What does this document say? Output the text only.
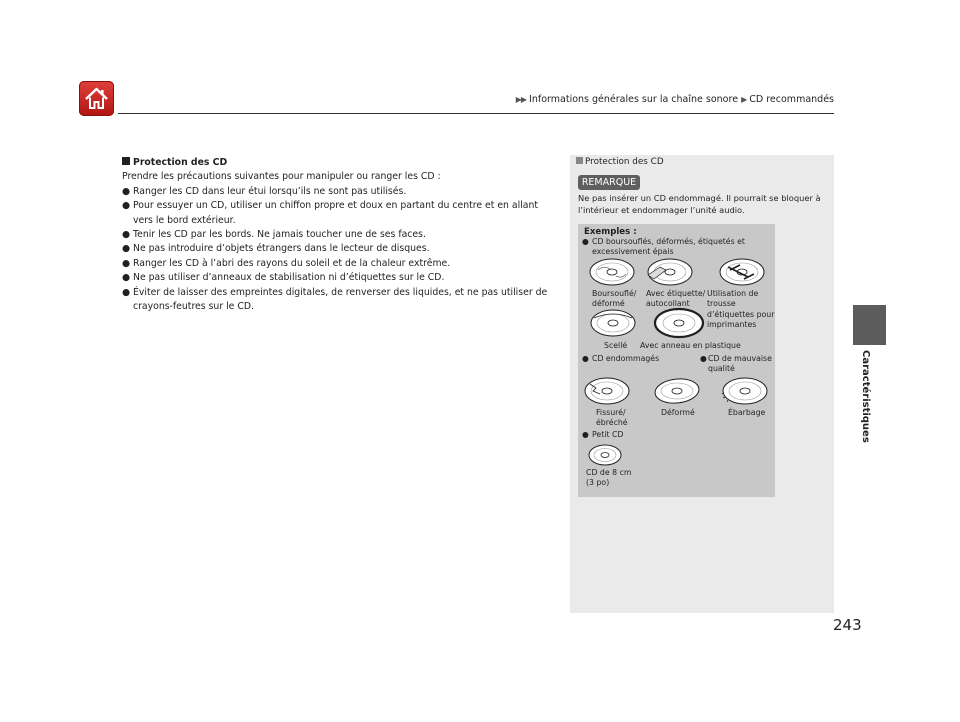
▶▶ Informations générales sur la chaîne sonore ▶ CD recommandés
Caractéristiques
Protection des CD
Prendre les précautions suivantes pour manipuler ou ranger les CD :
● Ranger les CD dans leur étui lorsqu’ils ne sont pas utilisés.
● Pour essuyer un CD, utiliser un chiffon propre et doux en partant du centre et en allant vers le bord extérieur.
● Tenir les CD par les bords. Ne jamais toucher une de ses faces.
● Ne pas introduire d’objets étrangers dans le lecteur de disques.
● Ranger les CD à l’abri des rayons du soleil et de la chaleur extrême.
● Ne pas utiliser d’anneaux de stabilisation ni d’étiquettes sur le CD.
● Éviter de laisser des empreintes digitales, de renverser des liquides, et ne pas utiliser de crayons-feutres sur le CD.
Protection des CD
REMARQUE
Ne pas insérer un CD endommagé. Il pourrait se bloquer à l’intérieur et endommager l’unité audio.
Exemples :
● CD boursouflés, déformés, étiquetés et excessivement épais
Boursouflé/
déformé
Avec étiquette/
autocollant
Utilisation de
trousse
d’étiquettes pour
imprimantes
Scellé Avec anneau en plastique
● CD endommagés	● CD de mauvaise
qualité
Fissuré/
ébréché
Déformé	Ébarbage
● Petit CD
CD de 8 cm
(3 po)
243
